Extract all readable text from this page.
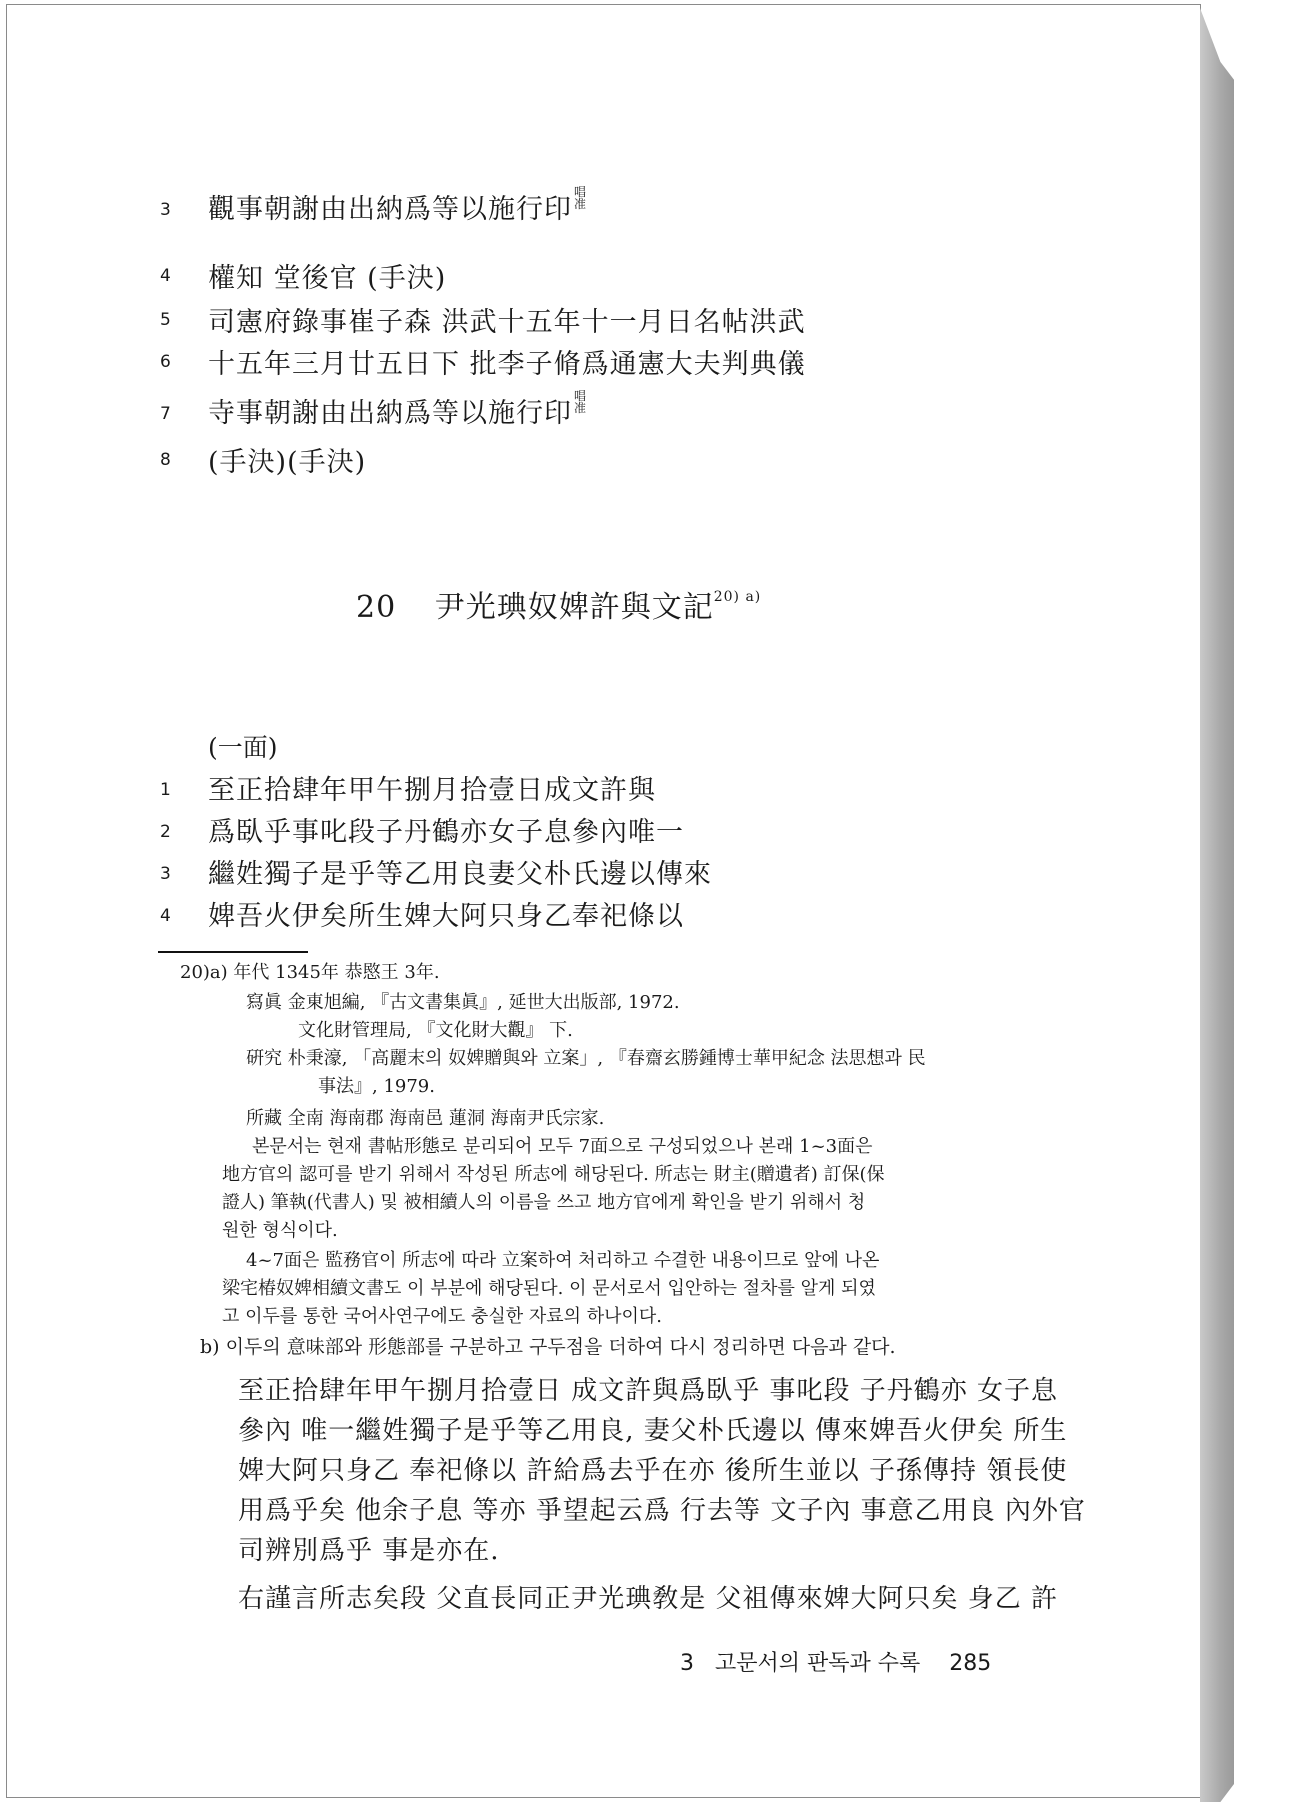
3	觀事朝謝由出納爲等以施行印唱
准
4	權知 堂後官 (手決)
5	司憲府錄事崔子森 洪武十五年十一月日名帖洪武
6	十五年三月廿五日下 批李子脩爲通憲大夫判典儀
7	寺事朝謝由出納爲等以施行印唱
准
8	(手決)(手決)
20 尹光琠奴婢許與文記$^{20) a)}$
(一面)
1	至正拾肆年甲午捌月拾壹日成文許與
2	爲臥乎事叱段子丹鶴亦女子息參內唯一
3	繼姓獨子是乎等乙用良妻父朴氏邊以傳來
4	婢吾火伊矣所生婢大阿只身乙奉祀條以
20)a) 年代 1345年 恭愍王 3年.
寫眞 金東旭編, 『古文書集眞』, 延世大出版部, 1972.
文化財管理局, 『文化財大觀』 下.
硏究 朴秉濠, 「高麗末의 奴婢贈與와 立案」, 『春齋玄勝鍾博士華甲紀念 法思想과 民
事法』, 1979.
所藏 全南 海南郡 海南邑 蓮洞 海南尹氏宗家.
본문서는 현재 書帖形態로 분리되어 모두 7面으로 구성되었으나 본래 1~3面은
地方官의 認可를 받기 위해서 작성된 所志에 해당된다. 所志는 財主(贈遺者) 訂保(保
證人) 筆執(代書人) 및 被相續人의 이름을 쓰고 地方官에게 확인을 받기 위해서 청
원한 형식이다.
4~7面은 監務官이 所志에 따라 立案하여 처리하고 수결한 내용이므로 앞에 나온
梁宅椿奴婢相續文書도 이 부분에 해당된다. 이 문서로서 입안하는 절차를 알게 되였
고 이두를 통한 국어사연구에도 충실한 자료의 하나이다.
b) 이두의 意味部와 形態部를 구분하고 구두점을 더하여 다시 정리하면 다음과 같다.
至正拾肆年甲午捌月拾壹日 成文許與爲臥乎 事叱段 子丹鶴亦 女子息
參內 唯一繼姓獨子是乎等乙用良, 妻父朴氏邊以 傳來婢吾火伊矣 所生
婢大阿只身乙 奉祀條以 許給爲去乎在亦 後所生並以 子孫傳持 領長使
用爲乎矣 他余子息 等亦 爭望起云爲 行去等 文子內 事意乙用良 內外官
司辨別爲乎 事是亦在.
右謹言所志矣段 父直長同正尹光琠敎是 父祖傳來婢大阿只矣 身乙 許
3 고문서의 판독과 수록 285
